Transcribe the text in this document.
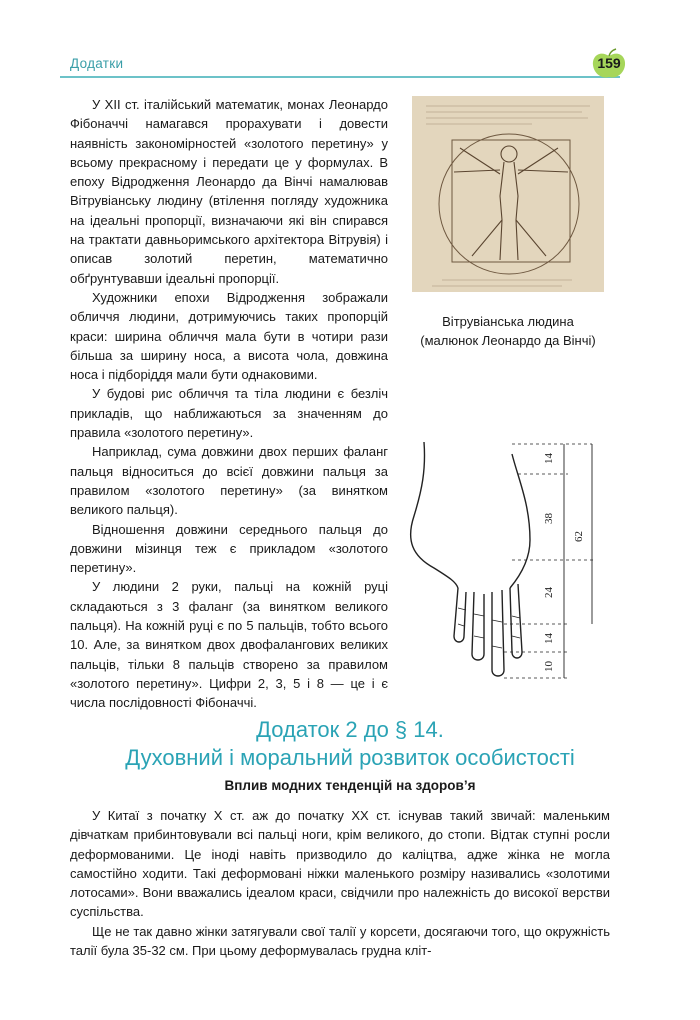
Додатки	159

У XII ст. італійський математик, монах Леонардо Фібоначчі намагався прорахувати і довести наявність закономірностей «золотого перетину» у всьому прекрасному і передати це у формулах. В епоху Відродження Леонардо да Вінчі намалював Вітрувіанську людину (втілення погляду художника на ідеальні пропорції, визначаючи які він спирався на трактати давньоримського архітектора Вітрувія) і описав золотий перетин, математично обґрунтувавши ідеальні пропорції.

Художники епохи Відродження зображали обличчя людини, дотримуючись таких пропорцій краси: ширина обличчя мала бути в чотири рази більша за ширину носа, а висота чола, довжина носа і підборіддя мали бути однаковими.

У будові рис обличчя та тіла людини є безліч прикладів, що наближаються за значенням до правила «золотого перетину».

Наприклад, сума довжини двох перших фаланг пальця відноситься до всієї довжини пальця за правилом «золотого перетину» (за винятком великого пальця).

Відношення довжини середнього пальця до довжини мізинця теж є прикладом «золотого перетину».

У людини 2 руки, пальці на кожній руці складаються з 3 фаланг (за винятком великого пальця). На кожній руці є по 5 пальців, тобто всього 10. Але, за винятком двох двофалангових великих пальців, тільки 8 пальців створено за правилом «золотого перетину». Цифри 2, 3, 5 і 8 — це і є числа послідовності Фібоначчі.

Вітрувіанська людина
(малюнок Леонардо да Вінчі)
14
38
62
24
14
10
Додаток 2 до § 14.
Духовний і моральний розвиток особистості
Вплив модних тенденцій на здоров’я

У Китаї з початку X ст. аж до початку XX ст. існував такий звичай: маленьким дівчаткам прибинтовували всі пальці ноги, крім великого, до стопи. Відтак ступні росли деформованими. Це іноді навіть призводило до каліцтва, адже жінка не могла самостійно ходити. Такі деформовані ніжки маленького розміру називались «золотими лотосами». Вони вважались ідеалом краси, свідчили про належність до високої верстви суспільства.

Ще не так давно жінки затягували свої талії у корсети, досягаючи того, що окружність талії була 35-32 см. При цьому деформувалась грудна кліт-
